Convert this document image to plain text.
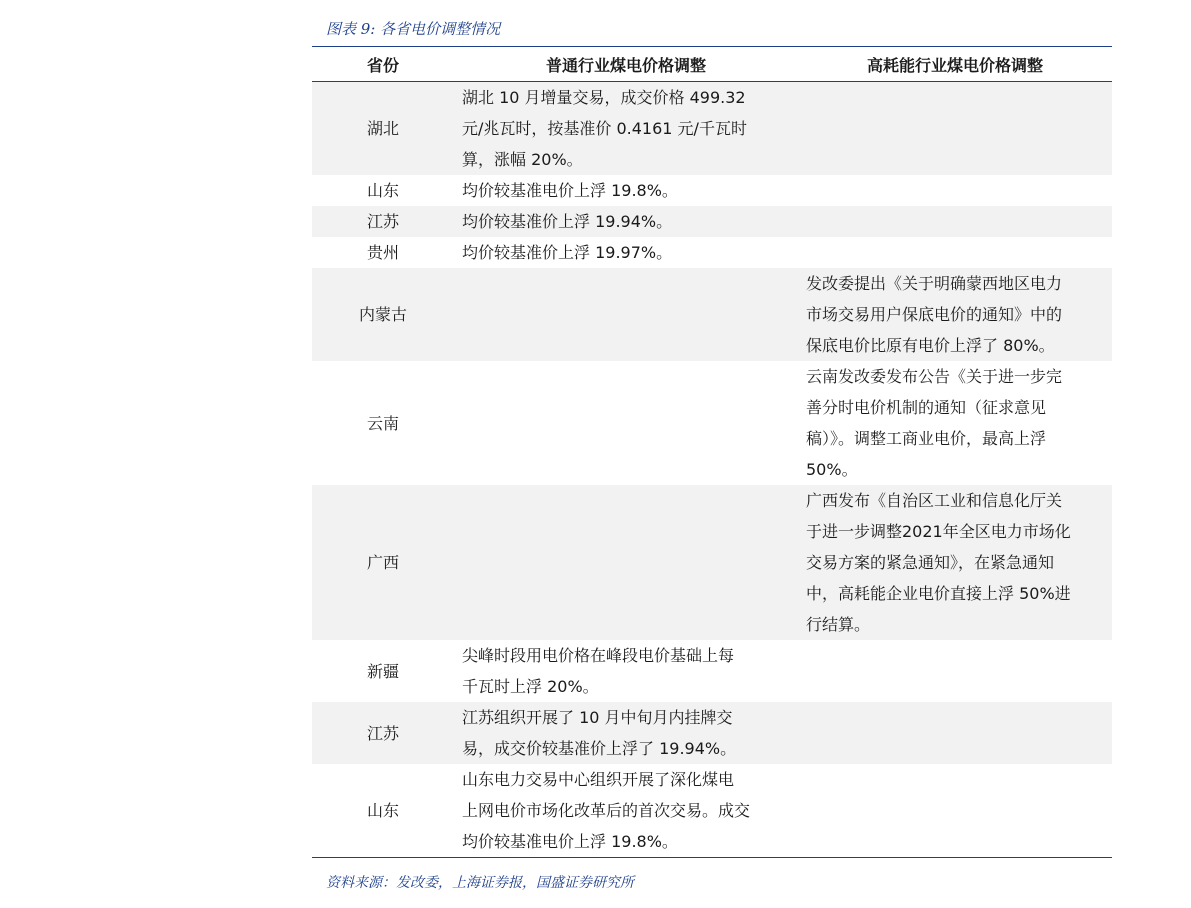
图表 9: 各省电价调整情况
省份	普通行业煤电价格调整	高耗能行业煤电价格调整
湖北	湖北 10 月增量交易，成交价格 499.32
元/兆瓦时，按基准价 0.4161 元/千瓦时
算，涨幅 20%。	
山东	均价较基准电价上浮 19.8%。	
江苏	均价较基准价上浮 19.94%。	
贵州	均价较基准价上浮 19.97%。	
内蒙古		发改委提出《关于明确蒙西地区电力
市场交易用户保底电价的通知》中的
保底电价比原有电价上浮了 80%。
云南		云南发改委发布公告《关于进一步完
善分时电价机制的通知（征求意见
稿）》。调整工商业电价，最高上浮
50%。
广西		广西发布《自治区工业和信息化厅关
于进一步调整2021年全区电力市场化
交易方案的紧急通知》，在紧急通知
中，高耗能企业电价直接上浮 50%进
行结算。
新疆	尖峰时段用电价格在峰段电价基础上每
千瓦时上浮 20%。	
江苏	江苏组织开展了 10 月中旬月内挂牌交
易，成交价较基准价上浮了 19.94%。	
山东	山东电力交易中心组织开展了深化煤电
上网电价市场化改革后的首次交易。成交
均价较基准电价上浮 19.8%。	
资料来源：发改委，上海证券报，国盛证券研究所
